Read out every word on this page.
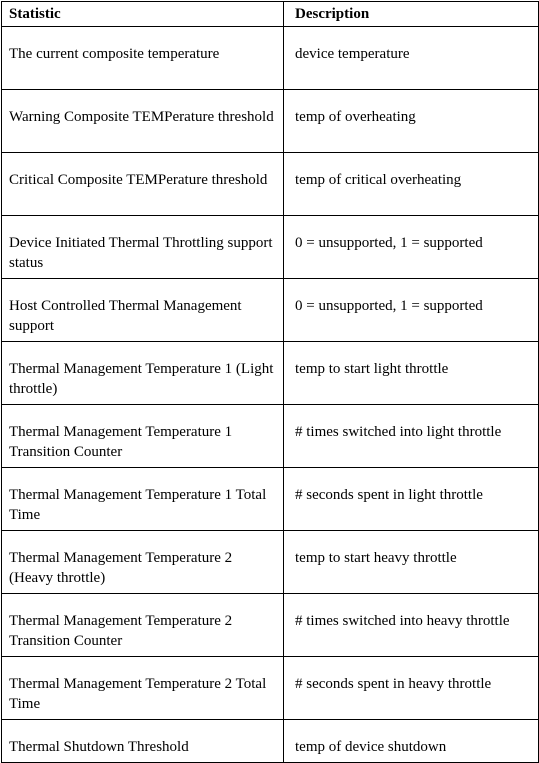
Statistic	Description
The current composite temperature	device temperature
Warning Composite TEMPerature threshold	temp of overheating
Critical Composite TEMPerature threshold	temp of critical overheating
Device Initiated Thermal Throttling support status	0 = unsupported, 1 = supported
Host Controlled Thermal Management support	0 = unsupported, 1 = supported
Thermal Management Temperature 1 (Light throttle)	temp to start light throttle
Thermal Management Temperature 1 Transition Counter	# times switched into light throttle
Thermal Management Temperature 1 Total Time	# seconds spent in light throttle
Thermal Management Temperature 2 (Heavy throttle)	temp to start heavy throttle
Thermal Management Temperature 2 Transition Counter	# times switched into heavy throttle
Thermal Management Temperature 2 Total Time	# seconds spent in heavy throttle
Thermal Shutdown Threshold	temp of device shutdown
